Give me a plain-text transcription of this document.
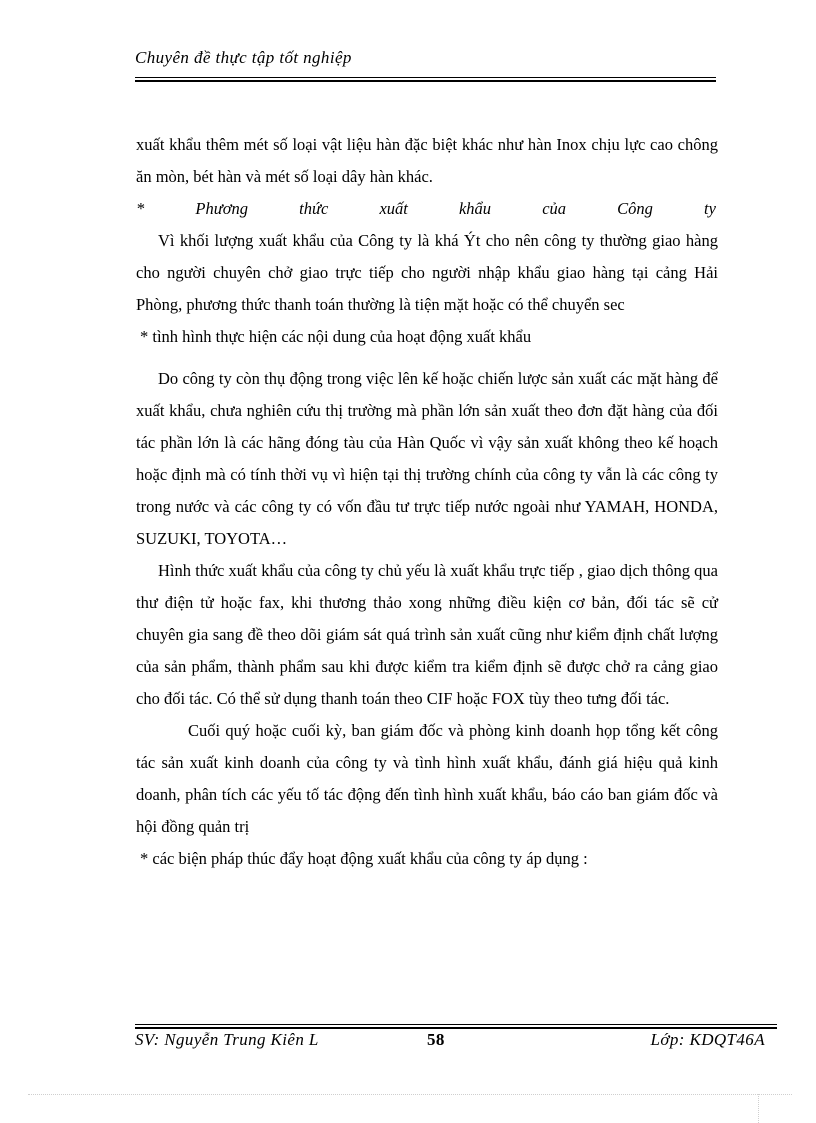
Chuyên đề thực tập tốt nghiệp

xuất khẩu thêm mét số loại vật liệu hàn đặc biệt khác như hàn Inox chịu lực cao chông ăn mòn, bét hàn và mét số loại dây hàn khác.

*	Phương	thức	xuất	khẩu	của	Công	ty

Vì khối lượng xuất khẩu của Công ty là khá Ýt cho nên công ty thường giao hàng cho người chuyên chở giao trực tiếp cho người nhập khẩu giao hàng tại cảng Hải Phòng, phương thức thanh toán thường là tiện mặt hoặc có thể chuyển sec

* tình hình thực hiện các nội dung của hoạt động xuất khẩu

Do công ty còn thụ động trong việc lên kế hoặc chiến lược sản xuất các mặt hàng để xuất khẩu, chưa nghiên cứu thị trường mà phần lớn sản xuất theo đơn đặt hàng của đối tác phần lớn là các hãng đóng tàu của Hàn Quốc vì vậy sản xuất không theo kế hoạch hoặc định mà có tính thời vụ vì hiện tại thị trường chính của công ty vẫn là các công ty trong nước và các công ty có vốn đầu tư trực tiếp nước ngoài như YAMAH, HONDA, SUZUKI, TOYOTA…

Hình thức xuất khẩu của công ty chủ yếu là xuất khẩu trực tiếp , giao dịch thông qua thư điện tử hoặc fax, khi thương thảo xong những điều kiện cơ bản, đối tác sẽ cử chuyên gia sang đề theo dõi giám sát quá trình sản xuất cũng như kiểm định chất lượng của sản phẩm, thành phẩm sau khi được kiểm tra kiểm định sẽ được chở ra cảng giao cho đối tác. Có thể sử dụng thanh toán theo CIF hoặc FOX tùy theo tưng đối tác.

Cuối quý hoặc cuối kỳ, ban giám đốc và phòng kinh doanh họp tổng kết công tác sản xuất kinh doanh của công ty và tình hình xuất khẩu, đánh giá hiệu quả kinh doanh, phân tích các yếu tố tác động đến tình hình xuất khẩu, báo cáo ban giám đốc và hội đồng quản trị

* các biện pháp thúc đẩy hoạt động xuất khẩu của công ty áp dụng :

SV: Nguyễn Trung Kiên L	58	Lớp: KDQT46A
